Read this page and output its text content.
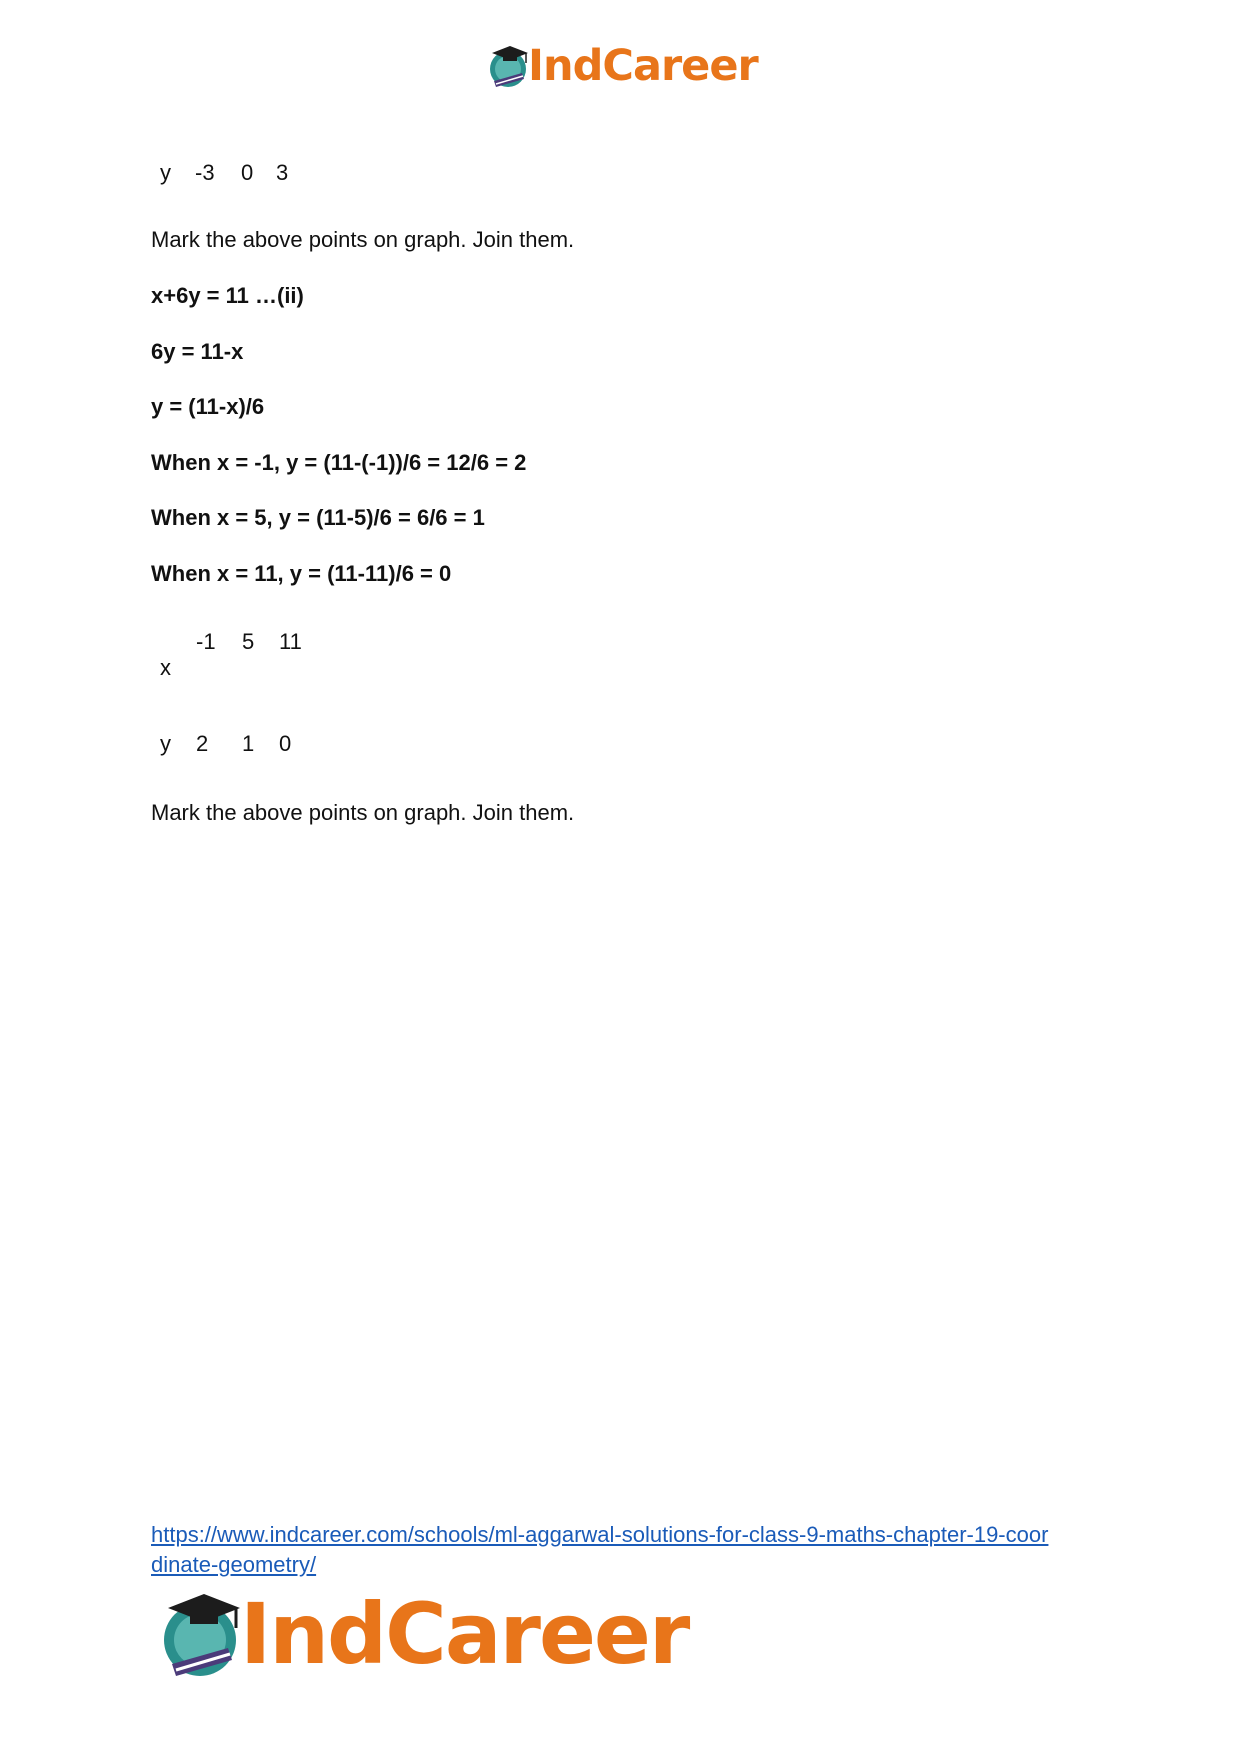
IndCareer
y -3 0 3
Mark the above points on graph. Join them.
x+6y = 11 …(ii)
6y = 11-x
y = (11-x)/6
When x = -1, y = (11-(-1))/6 = 12/6 = 2
When x = 5, y = (11-5)/6 = 6/6 = 1
When x = 11, y = (11-11)/6 = 0
x
-1 5 11
y 2 1 0
Mark the above points on graph. Join them.
https://www.indcareer.com/schools/ml-aggarwal-solutions-for-class-9-maths-chapter-19-coor
dinate-geometry/
IndCareer
